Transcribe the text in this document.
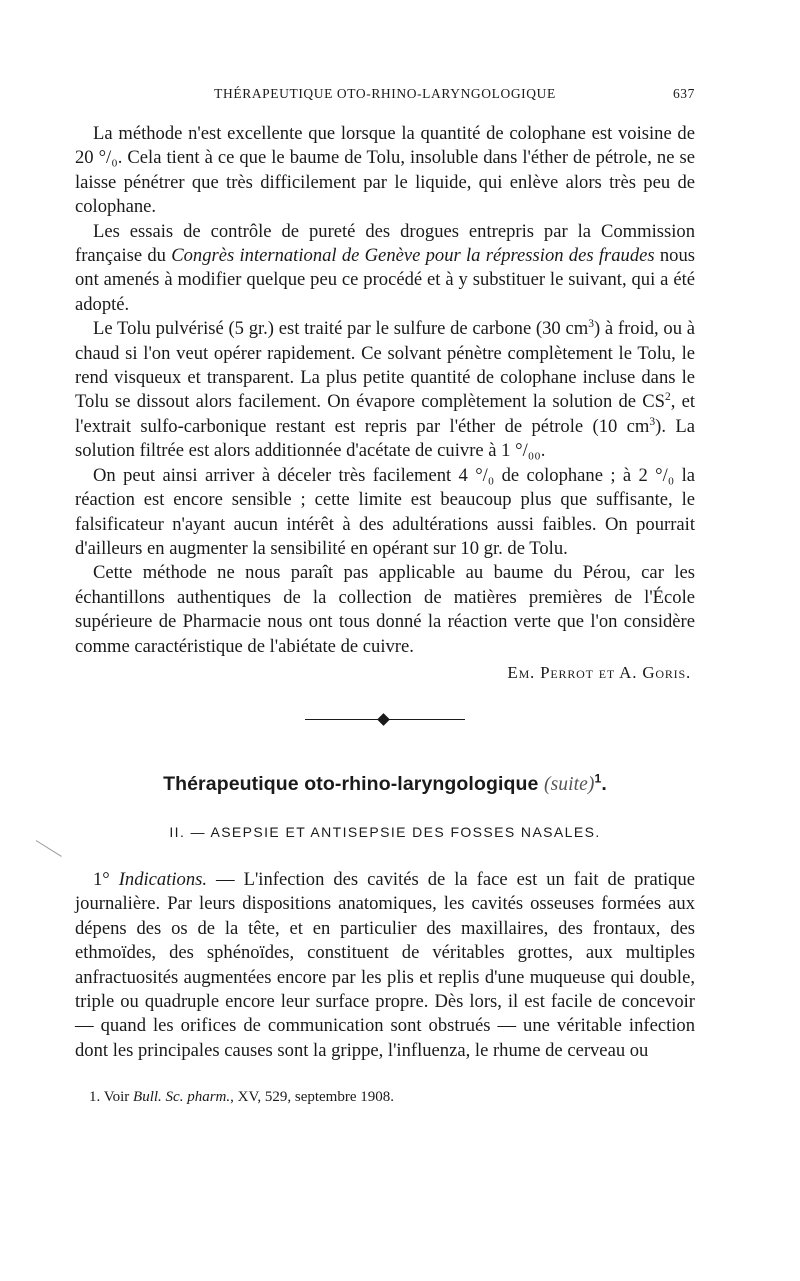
THÉRAPEUTIQUE OTO-RHINO-LARYNGOLOGIQUE	637

La méthode n'est excellente que lorsque la quantité de colophane est voisine de 20 °/₀. Cela tient à ce que le baume de Tolu, insoluble dans l'éther de pétrole, ne se laisse pénétrer que très difficilement par le liquide, qui enlève alors très peu de colophane.

Les essais de contrôle de pureté des drogues entrepris par la Commission française du Congrès international de Genève pour la répression des fraudes nous ont amenés à modifier quelque peu ce procédé et à y substituer le suivant, qui a été adopté.

Le Tolu pulvérisé (5 gr.) est traité par le sulfure de carbone (30 $cm^3$) à froid, ou à chaud si l'on veut opérer rapidement. Ce solvant pénètre complètement le Tolu, le rend visqueux et transparent. La plus petite quantité de colophane incluse dans le Tolu se dissout alors facilement. On évapore complètement la solution de $CS^2$, et l'extrait sulfo-carbonique restant est repris par l'éther de pétrole (10 $cm^3$). La solution filtrée est alors additionnée d'acétate de cuivre à 1 °/₀₀.

On peut ainsi arriver à déceler très facilement 4 °/₀ de colophane ; à 2 °/₀ la réaction est encore sensible ; cette limite est beaucoup plus que suffisante, le falsificateur n'ayant aucun intérêt à des adultérations aussi faibles. On pourrait d'ailleurs en augmenter la sensibilité en opérant sur 10 gr. de Tolu.

Cette méthode ne nous paraît pas applicable au baume du Pérou, car les échantillons authentiques de la collection de matières premières de l'École supérieure de Pharmacie nous ont tous donné la réaction verte que l'on considère comme caractéristique de l'abiétate de cuivre.

Em. Perrot et A. Goris.
Thérapeutique oto-rhino-laryngologique (suite)$^1$.
II. — ASEPSIE ET ANTISEPSIE DES FOSSES NASALES.

1° Indications. — L'infection des cavités de la face est un fait de pratique journalière. Par leurs dispositions anatomiques, les cavités osseuses formées aux dépens des os de la tête, et en particulier des maxillaires, des frontaux, des ethmoïdes, des sphénoïdes, constituent de véritables grottes, aux multiples anfractuosités augmentées encore par les plis et replis d'une muqueuse qui double, triple ou quadruple encore leur surface propre. Dès lors, il est facile de concevoir — quand les orifices de communication sont obstrués — une véritable infection dont les principales causes sont la grippe, l'influenza, le rhume de cerveau ou

1. Voir Bull. Sc. pharm., XV, 529, septembre 1908.
